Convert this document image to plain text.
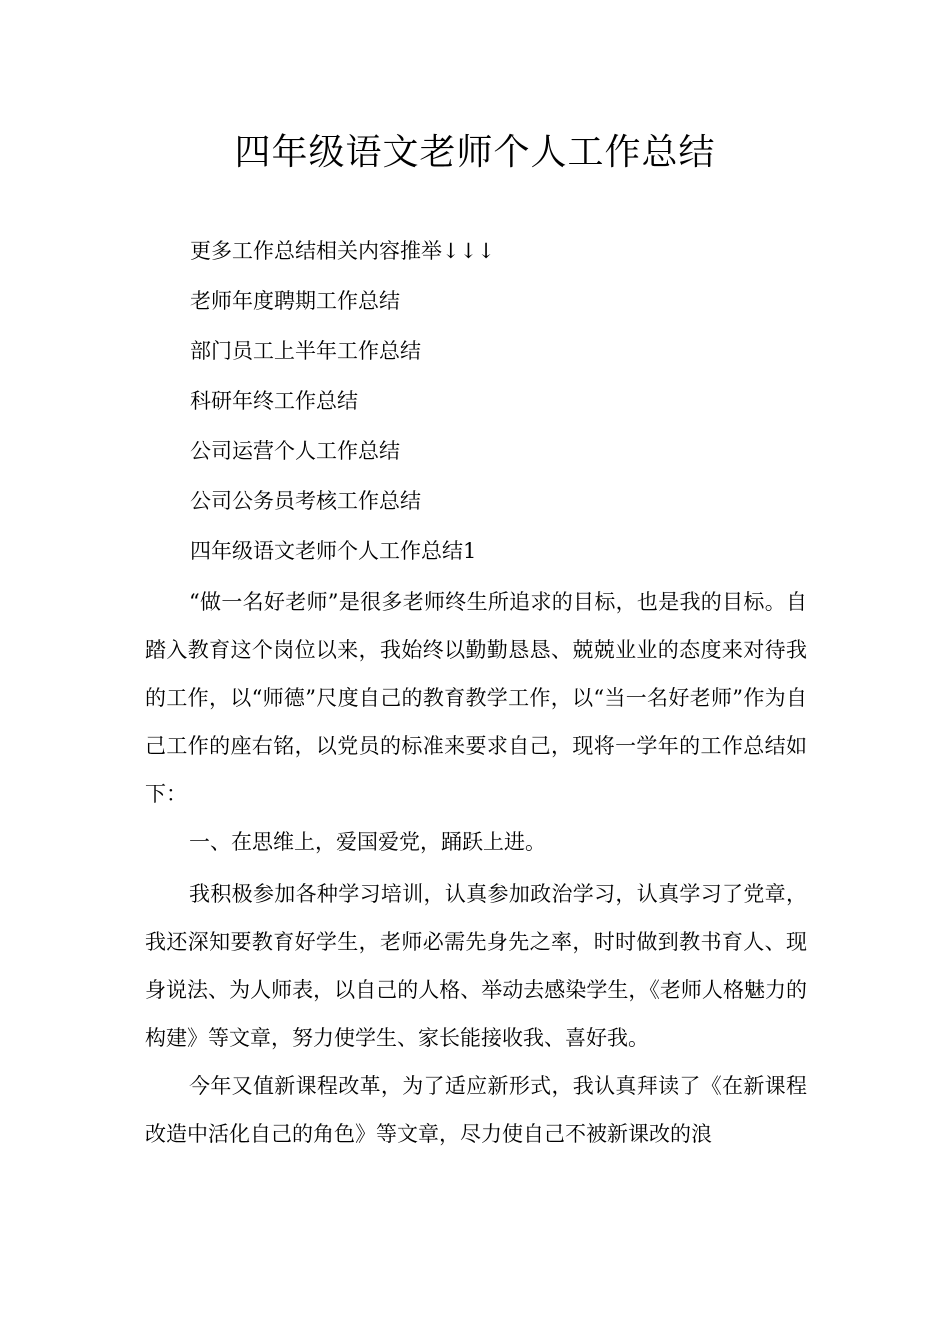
四年级语文老师个人工作总结
更多工作总结相关内容推举↓↓↓
老师年度聘期工作总结
部门员工上半年工作总结
科研年终工作总结
公司运营个人工作总结
公司公务员考核工作总结
四年级语文老师个人工作总结1

“做一名好老师”是很多老师终生所追求的目标，也是我的目标。自踏入教育这个岗位以来，我始终以勤勤恳恳、兢兢业业的态度来对待我的工作，以“师德”尺度自己的教育教学工作，以“当一名好老师”作为自己工作的座右铭，以党员的标准来要求自己，现将一学年的工作总结如下：

一、在思维上，爱国爱党，踊跃上进。

我积极参加各种学习培训，认真参加政治学习，认真学习了党章，我还深知要教育好学生，老师必需先身先之率，时时做到教书育人、现身说法、为人师表，以自己的人格、举动去感染学生，《老师人格魅力的构建》等文章，努力使学生、家长能接收我、喜好我。

今年又值新课程改革，为了适应新形式，我认真拜读了《在新课程改造中活化自己的角色》等文章，尽力使自己不被新课改的浪
